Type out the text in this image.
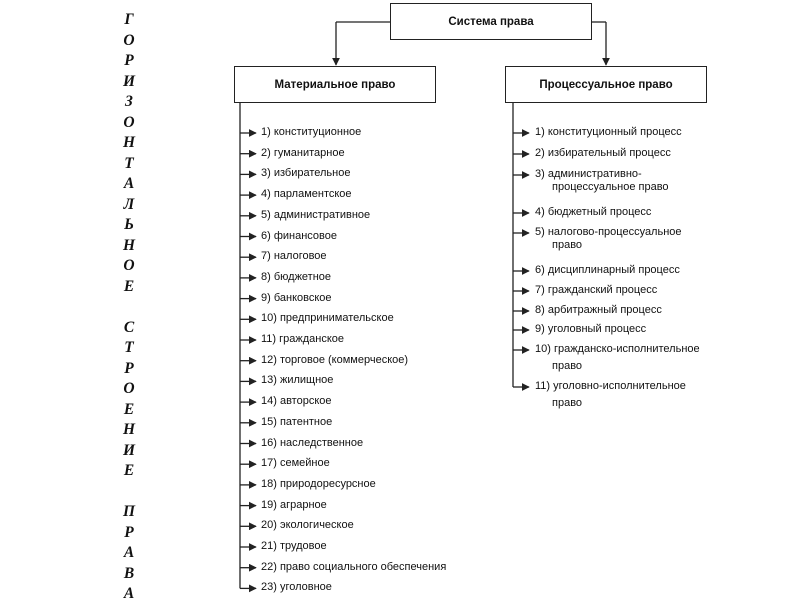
Г
О
Р
И
З
О
Н
Т
А
Л
Ь
Н
О
Е
С
Т
Р
О
Е
Н
И
Е
П
Р
А
В
А
Система права
Материальное право	Процессуальное право
1) конституционное
2) гуманитарное
3) избирательное
4) парламентское
5) административное
6) финансовое
7) налоговое
8) бюджетное
9) банковское
10) предпринимательское
11) гражданское
12) торговое (коммерческое)
13) жилищное
14) авторское
15) патентное
16) наследственное
17) семейное
18) природоресурсное
19) аграрное
20) экологическое
21) трудовое
22) право социального обеспечения
23) уголовное
1) конституционный процесс
2) избирательный процесс
3) административно-
процессуальное право
4) бюджетный процесс
5) налогово-процессуальное
право
6) дисциплинарный процесс
7) гражданский процесс
8) арбитражный процесс
9) уголовный процесс
10) гражданско-исполнительное
право
11) уголовно-исполнительное
право
